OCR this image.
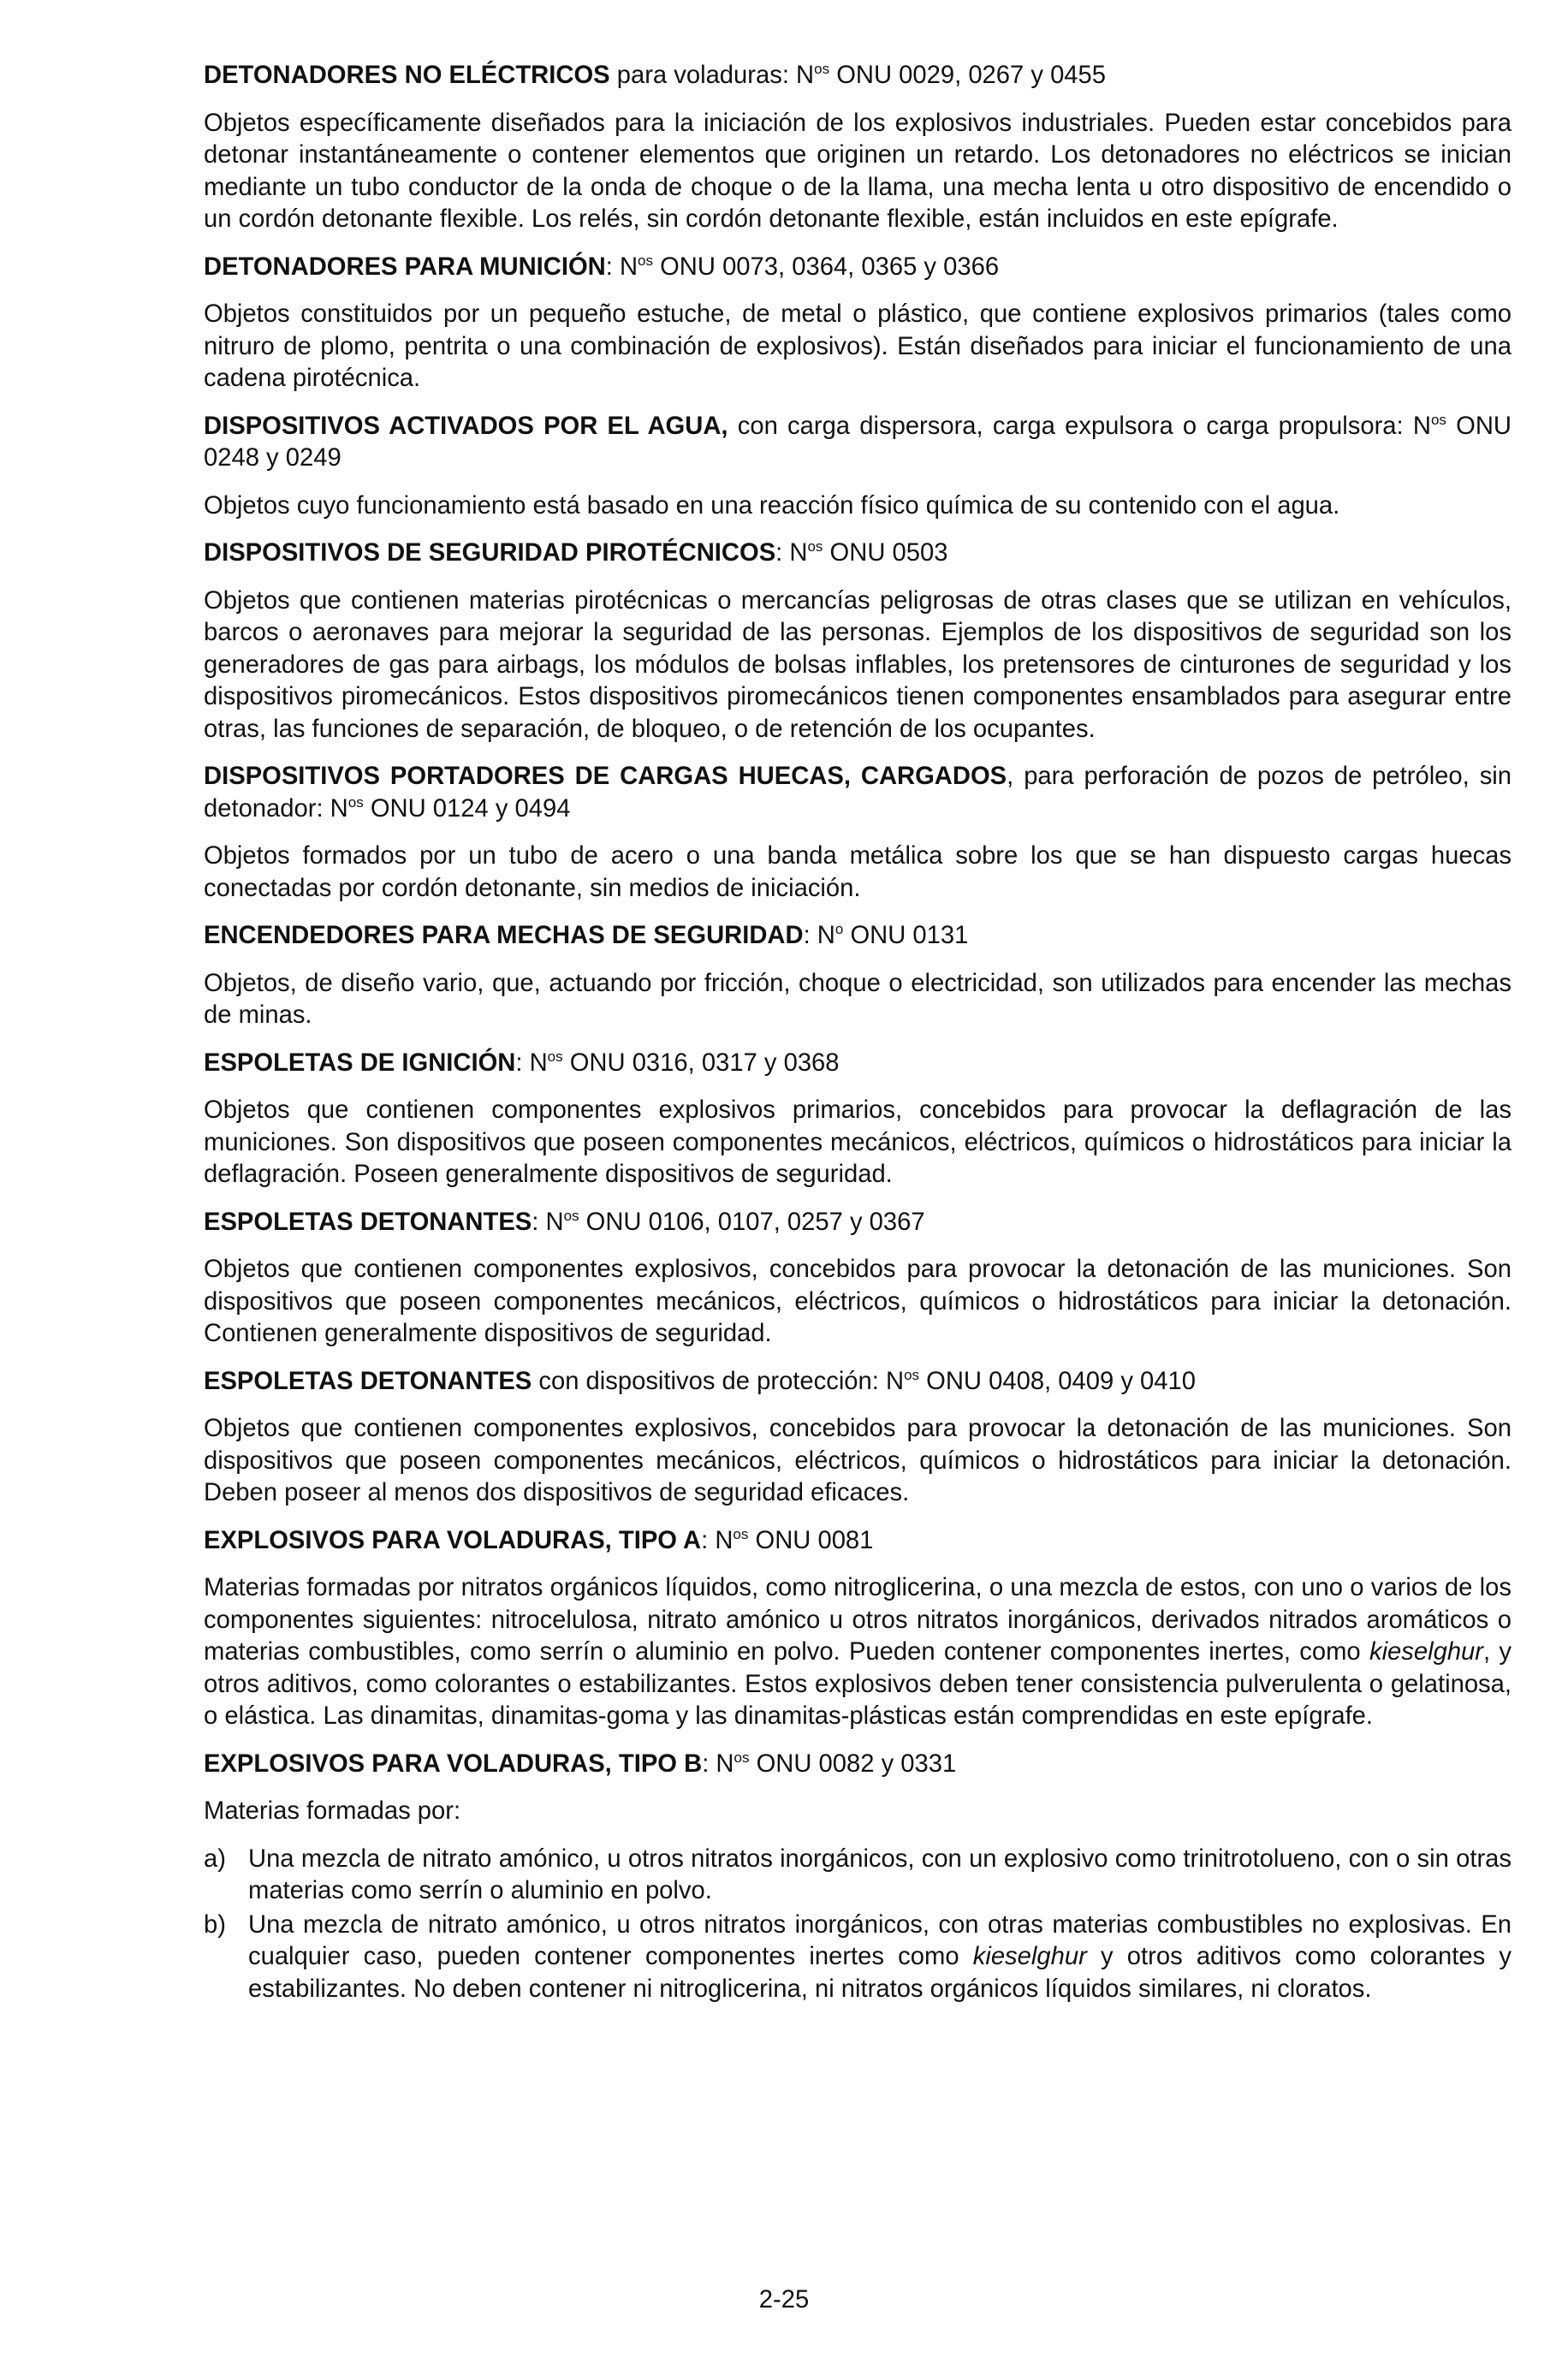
DETONADORES NO ELÉCTRICOS para voladuras: $N^{os}$ ONU 0029, 0267 y 0455
Objetos específicamente diseñados para la iniciación de los explosivos industriales. Pueden estar concebidos para detonar instantáneamente o contener elementos que originen un retardo. Los detonadores no eléctricos se inician mediante un tubo conductor de la onda de choque o de la llama, una mecha lenta u otro dispositivo de encendido o un cordón detonante flexible. Los relés, sin cordón detonante flexible, están incluidos en este epígrafe.
DETONADORES PARA MUNICIÓN: $N^{os}$ ONU 0073, 0364, 0365 y 0366
Objetos constituidos por un pequeño estuche, de metal o plástico, que contiene explosivos primarios (tales como nitruro de plomo, pentrita o una combinación de explosivos). Están diseñados para iniciar el funcionamiento de una cadena pirotécnica.
DISPOSITIVOS ACTIVADOS POR EL AGUA, con carga dispersora, carga expulsora o carga propulsora: $N^{os}$ ONU 0248 y 0249
Objetos cuyo funcionamiento está basado en una reacción físico química de su contenido con el agua.
DISPOSITIVOS DE SEGURIDAD PIROTÉCNICOS: $N^{os}$ ONU 0503
Objetos que contienen materias pirotécnicas o mercancías peligrosas de otras clases que se utilizan en vehículos, barcos o aeronaves para mejorar la seguridad de las personas. Ejemplos de los dispositivos de seguridad son los generadores de gas para airbags, los módulos de bolsas inflables, los pretensores de cinturones de seguridad y los dispositivos piromecánicos. Estos dispositivos piromecánicos tienen componentes ensamblados para asegurar entre otras, las funciones de separación, de bloqueo, o de retención de los ocupantes.
DISPOSITIVOS PORTADORES DE CARGAS HUECAS, CARGADOS, para perforación de pozos de petróleo, sin detonador: $N^{os}$ ONU 0124 y 0494
Objetos formados por un tubo de acero o una banda metálica sobre los que se han dispuesto cargas huecas conectadas por cordón detonante, sin medios de iniciación.
ENCENDEDORES PARA MECHAS DE SEGURIDAD: $N^o$ ONU 0131
Objetos, de diseño vario, que, actuando por fricción, choque o electricidad, son utilizados para encender las mechas de minas.
ESPOLETAS DE IGNICIÓN: $N^{os}$ ONU 0316, 0317 y 0368
Objetos que contienen componentes explosivos primarios, concebidos para provocar la deflagración de las municiones. Son dispositivos que poseen componentes mecánicos, eléctricos, químicos o hidrostáticos para iniciar la deflagración. Poseen generalmente dispositivos de seguridad.
ESPOLETAS DETONANTES: $N^{os}$ ONU 0106, 0107, 0257 y 0367
Objetos que contienen componentes explosivos, concebidos para provocar la detonación de las municiones. Son dispositivos que poseen componentes mecánicos, eléctricos, químicos o hidrostáticos para iniciar la detonación. Contienen generalmente dispositivos de seguridad.
ESPOLETAS DETONANTES con dispositivos de protección: $N^{os}$ ONU 0408, 0409 y 0410
Objetos que contienen componentes explosivos, concebidos para provocar la detonación de las municiones. Son dispositivos que poseen componentes mecánicos, eléctricos, químicos o hidrostáticos para iniciar la detonación. Deben poseer al menos dos dispositivos de seguridad eficaces.
EXPLOSIVOS PARA VOLADURAS, TIPO A: $N^{os}$ ONU 0081
Materias formadas por nitratos orgánicos líquidos, como nitroglicerina, o una mezcla de estos, con uno o varios de los componentes siguientes: nitrocelulosa, nitrato amónico u otros nitratos inorgánicos, derivados nitrados aromáticos o materias combustibles, como serrín o aluminio en polvo. Pueden contener componentes inertes, como kieselghur, y otros aditivos, como colorantes o estabilizantes. Estos explosivos deben tener consistencia pulverulenta o gelatinosa, o elástica. Las dinamitas, dinamitas-goma y las dinamitas-plásticas están comprendidas en este epígrafe.
EXPLOSIVOS PARA VOLADURAS, TIPO B: $N^{os}$ ONU 0082 y 0331
Materias formadas por:
a) Una mezcla de nitrato amónico, u otros nitratos inorgánicos, con un explosivo como trinitrotolueno, con o sin otras materias como serrín o aluminio en polvo.
b) Una mezcla de nitrato amónico, u otros nitratos inorgánicos, con otras materias combustibles no explosivas. En cualquier caso, pueden contener componentes inertes como kieselghur y otros aditivos como colorantes y estabilizantes. No deben contener ni nitroglicerina, ni nitratos orgánicos líquidos similares, ni cloratos.
2-25
